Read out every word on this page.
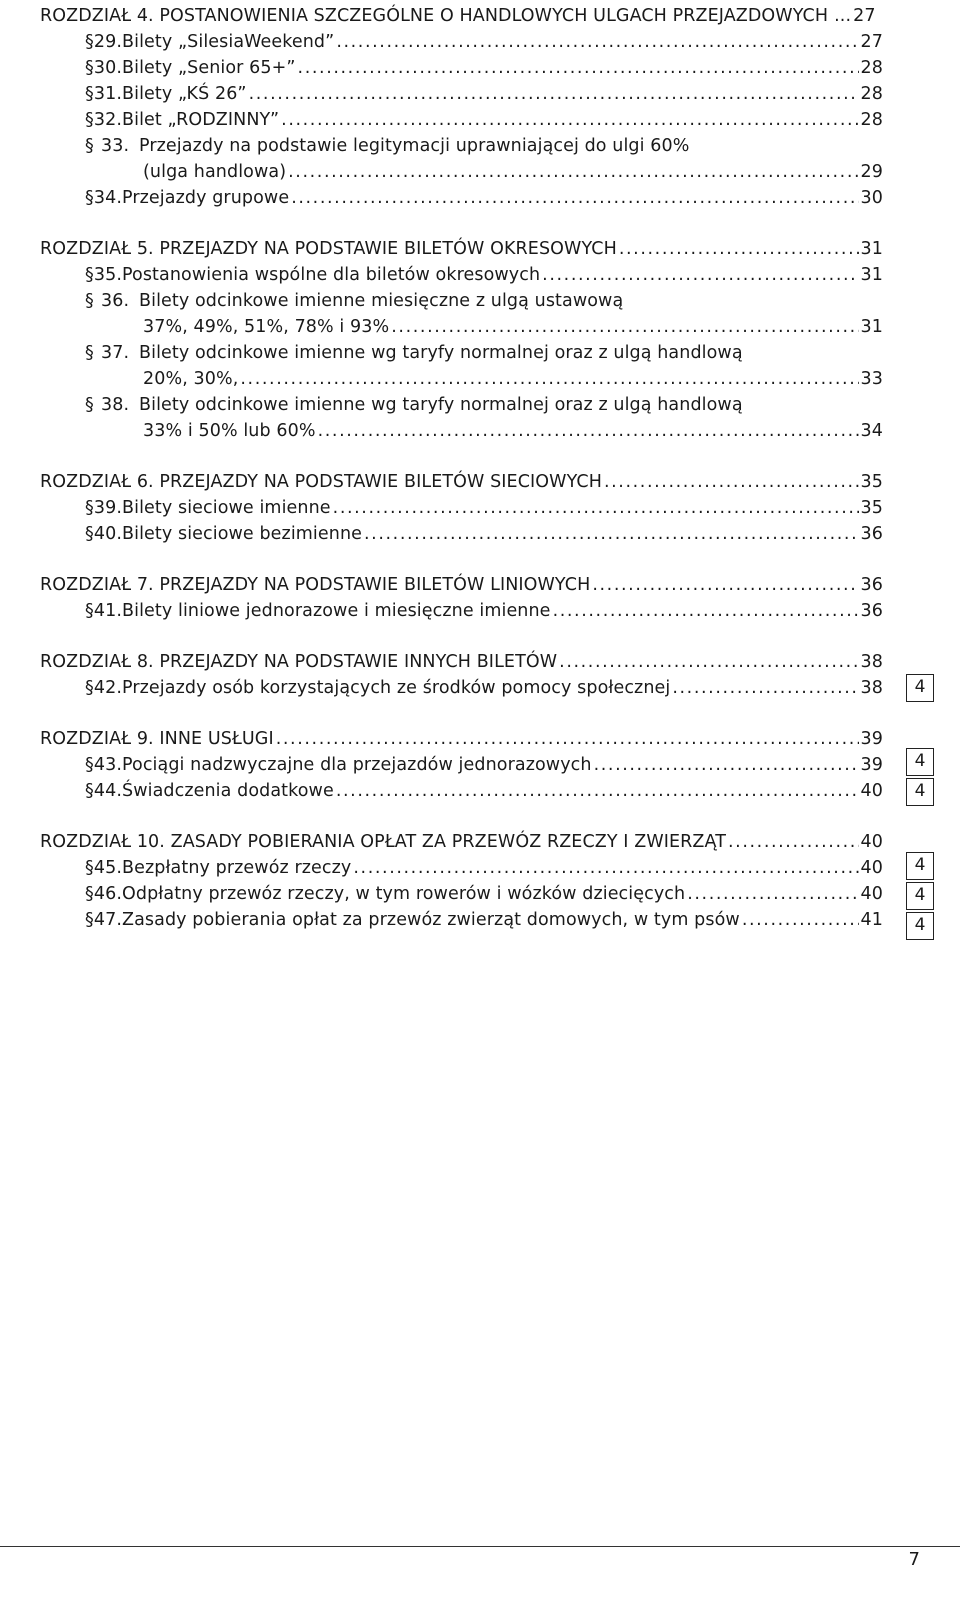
ROZDZIAŁ 4. POSTANOWIENIA SZCZEGÓLNE O HANDLOWYCH ULGACH PRZEJAZDOWYCH ... 27
§ 29. Bilety „SilesiaWeekend” .....	27
§ 30. Bilety „Senior 65+” .....	28
§ 31. Bilety „KŚ 26” .....	28
§ 32. Bilet „RODZINNY” .....	28
§ 33. Przejazdy na podstawie legitymacji uprawniającej do ulgi 60%
(ulga handlowa) .....	29
§ 34. Przejazdy grupowe .....	30
ROZDZIAŁ 5. PRZEJAZDY NA PODSTAWIE BILETÓW OKRESOWYCH .....	31
§ 35. Postanowienia wspólne dla biletów okresowych .....	31
§ 36. Bilety odcinkowe imienne miesięczne z ulgą ustawową
37%, 49%, 51%, 78% i 93% .....	31
§ 37. Bilety odcinkowe imienne wg taryfy normalnej oraz z ulgą handlową
20%, 30%, .....	33
§ 38. Bilety odcinkowe imienne wg taryfy normalnej oraz z ulgą handlową
33% i 50% lub 60% .....	34
ROZDZIAŁ 6. PRZEJAZDY NA PODSTAWIE BILETÓW SIECIOWYCH .....	35
§ 39. Bilety sieciowe imienne .....	35
§ 40. Bilety sieciowe bezimienne .....	36
ROZDZIAŁ 7. PRZEJAZDY NA PODSTAWIE BILETÓW LINIOWYCH .....	36
§ 41. Bilety liniowe jednorazowe i miesięczne imienne .....	36
ROZDZIAŁ 8. PRZEJAZDY NA PODSTAWIE INNYCH BILETÓW .....	38
§ 42. Przejazdy osób korzystających ze środków pomocy społecznej .....	38
ROZDZIAŁ 9. INNE USŁUGI .....	39
§ 43. Pociągi nadzwyczajne dla przejazdów jednorazowych .....	39
§ 44. Świadczenia dodatkowe .....	40
ROZDZIAŁ 10. ZASADY POBIERANIA OPŁAT ZA PRZEWÓZ RZECZY I ZWIERZĄT .....	40
§ 45. Bezpłatny przewóz rzeczy .....	40
§ 46. Odpłatny przewóz rzeczy, w tym rowerów i wózków dziecięcych .....	40
§ 47. Zasady pobierania opłat za przewóz zwierząt domowych, w tym psów .....	41
4
4
4
4
4
4
7
